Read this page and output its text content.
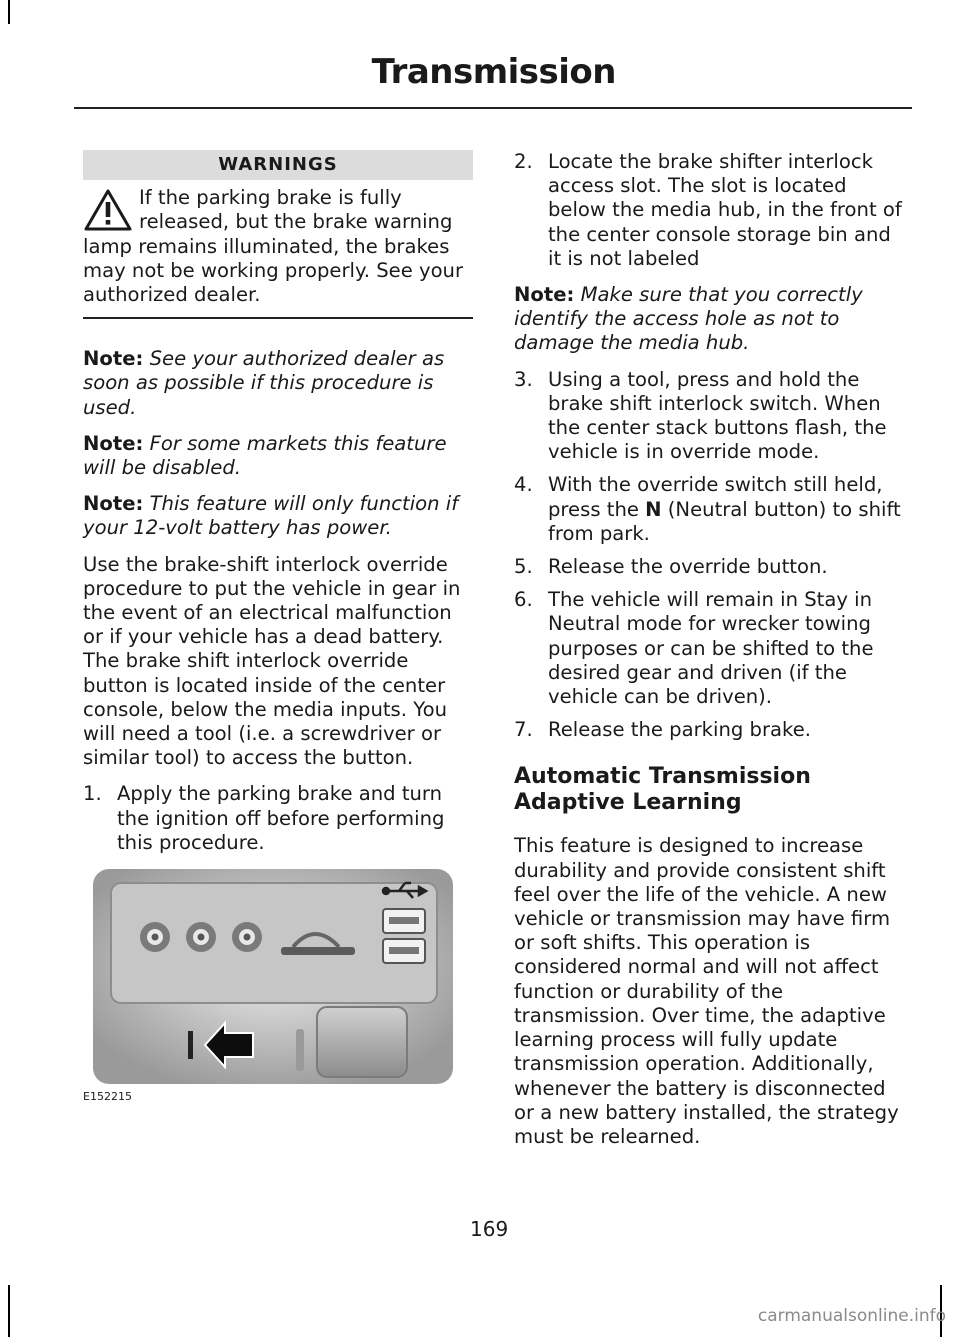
Transmission
WARNINGS
If the parking brake is fully released, but the brake warning lamp remains illuminated, the brakes may not be working properly. See your authorized dealer.

Note: See your authorized dealer as soon as possible if this procedure is used.

Note: For some markets this feature will be disabled.

Note: This feature will only function if your 12-volt battery has power.

Use the brake-shift interlock override procedure to put the vehicle in gear in the event of an electrical malfunction or if your vehicle has a dead battery. The brake shift interlock override button is located inside of the center console, below the media inputs. You will need a tool (i.e. a screwdriver or similar tool) to access the button.

1. Apply the parking brake and turn the ignition off before performing this procedure.
E152215
2. Locate the brake shifter interlock access slot. The slot is located below the media hub, in the front of the center console storage bin and it is not labeled

Note: Make sure that you correctly identify the access hole as not to damage the media hub.

3. Using a tool, press and hold the brake shift interlock switch. When the center stack buttons flash, the vehicle is in override mode.
4. With the override switch still held, press the N (Neutral button) to shift from park.
5. Release the override button.
6. The vehicle will remain in Stay in Neutral mode for wrecker towing purposes or can be shifted to the desired gear and driven (if the vehicle can be driven).
7. Release the parking brake.
Automatic Transmission Adaptive Learning

This feature is designed to increase durability and provide consistent shift feel over the life of the vehicle. A new vehicle or transmission may have firm or soft shifts. This operation is considered normal and will not affect function or durability of the transmission. Over time, the adaptive learning process will fully update transmission operation. Additionally, whenever the battery is disconnected or a new battery installed, the strategy must be relearned.

169
carmanualsonline.info
